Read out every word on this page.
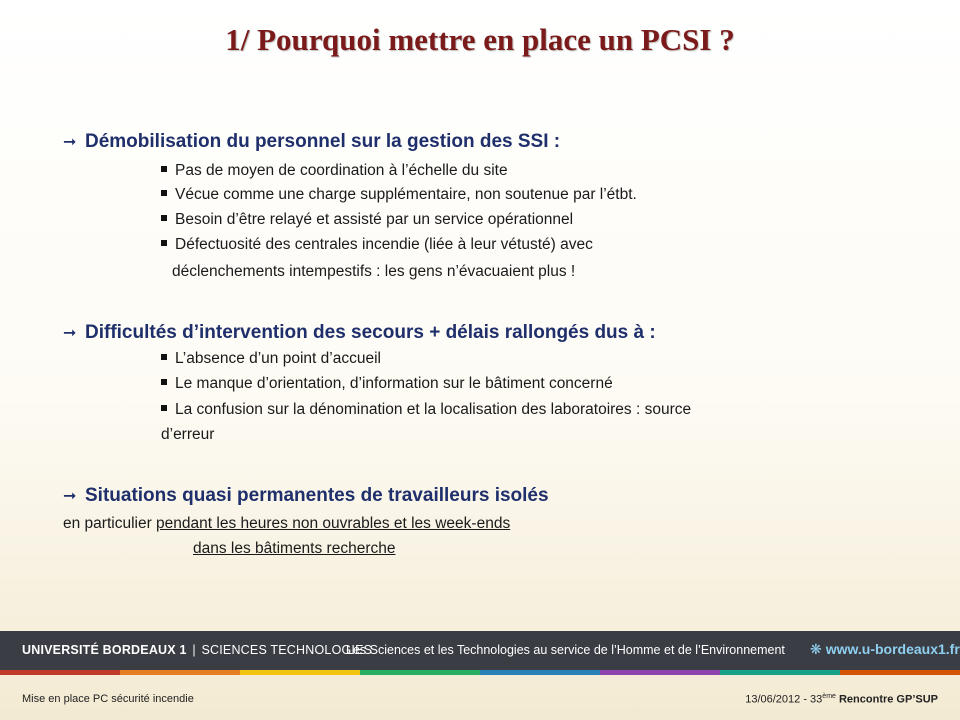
1/ Pourquoi mettre en place un PCSI ?
➞ Démobilisation du personnel sur la gestion des SSI :
Pas de moyen de coordination à l’échelle du site
Vécue comme une charge supplémentaire, non soutenue par l’étbt.
Besoin d’être relayé et assisté par un service opérationnel
Défectuosité des centrales incendie (liée à leur vétusté) avec
déclenchements intempestifs : les gens n’évacuaient plus !
➞ Difficultés d’intervention des secours + délais rallongés dus à :
L’absence d’un point d’accueil
Le manque d’orientation, d’information sur le bâtiment concerné
La confusion sur la dénomination et la localisation des laboratoires : source
d’erreur
➞ Situations quasi permanentes de travailleurs isolés
en particulier pendant les heures non ouvrables et les week-ends
dans les bâtiments recherche
UNIVERSITÉ BORDEAUX 1 | SCIENCES TECHNOLOGIES
Les Sciences et les Technologies au service de l’Homme et de l’Environnement ❋ www.u-bordeaux1.fr
Mise en place PC sécurité incendie	13/06/2012 - 33ème Rencontre GP’SUP
